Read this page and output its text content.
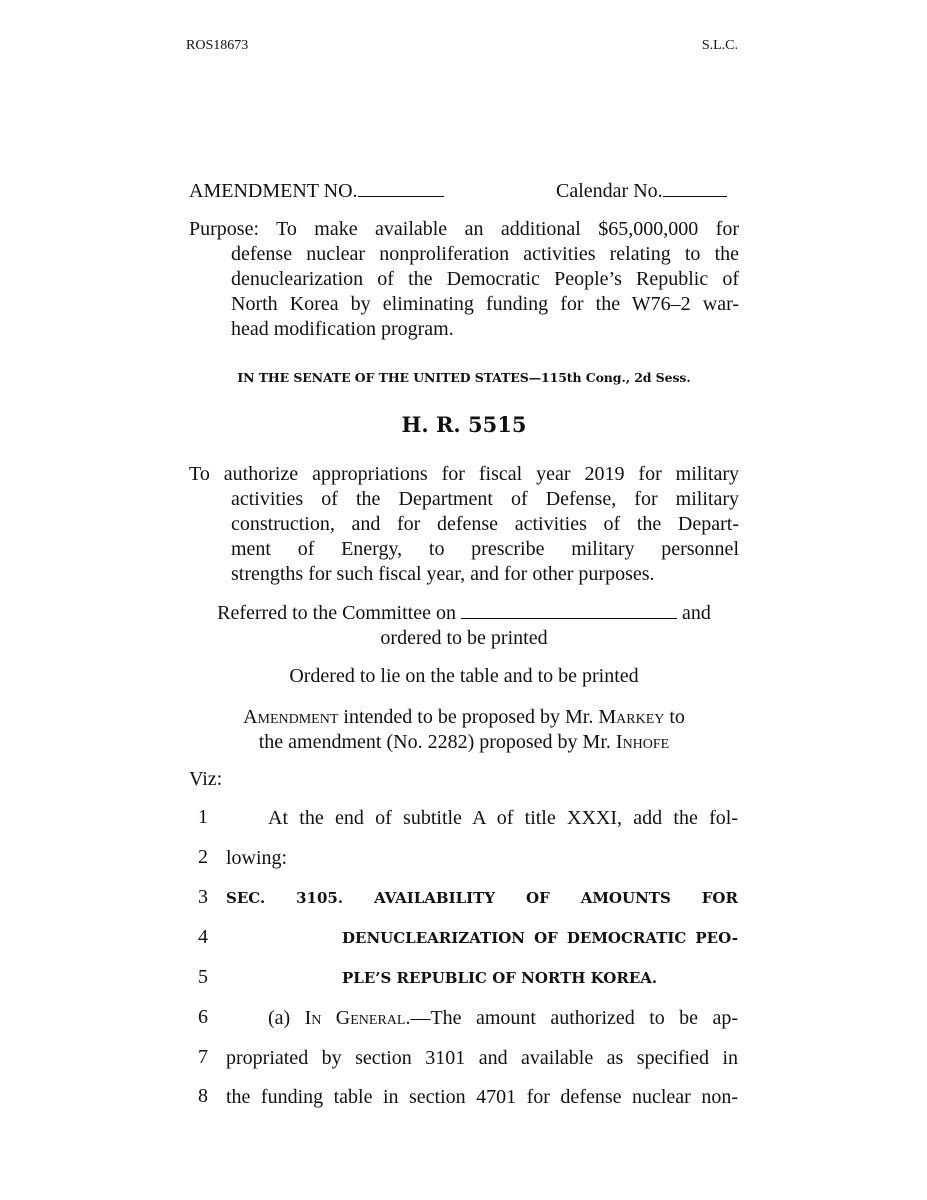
ROS18673	S.L.C.
AMENDMENT NO.	Calendar No.
Purpose: To make available an additional $65,000,000 for
defense nuclear nonproliferation activities relating to the
denuclearization of the Democratic People’s Republic of
North Korea by eliminating funding for the W76–2 war-
head modification program.
IN THE SENATE OF THE UNITED STATES—115th Cong., 2d Sess.
H. R. 5515
To authorize appropriations for fiscal year 2019 for military
activities of the Department of Defense, for military
construction, and for defense activities of the Depart-
ment of Energy, to prescribe military personnel
strengths for such fiscal year, and for other purposes.
Referred to the Committee on	and
ordered to be printed
Ordered to lie on the table and to be printed
Amendment intended to be proposed by Mr. Markey to
the amendment (No. 2282) proposed by Mr. Inhofe
Viz:
1	At the end of subtitle A of title XXXI, add the fol-
2 lowing:
3	SEC. 3105. AVAILABILITY OF AMOUNTS FOR
4	DENUCLEARIZATION OF DEMOCRATIC PEO-
5	PLE’S REPUBLIC OF NORTH KOREA.
6	(a) In General.—The amount authorized to be ap-
7 propriated by section 3101 and available as specified in
8 the funding table in section 4701 for defense nuclear non-
